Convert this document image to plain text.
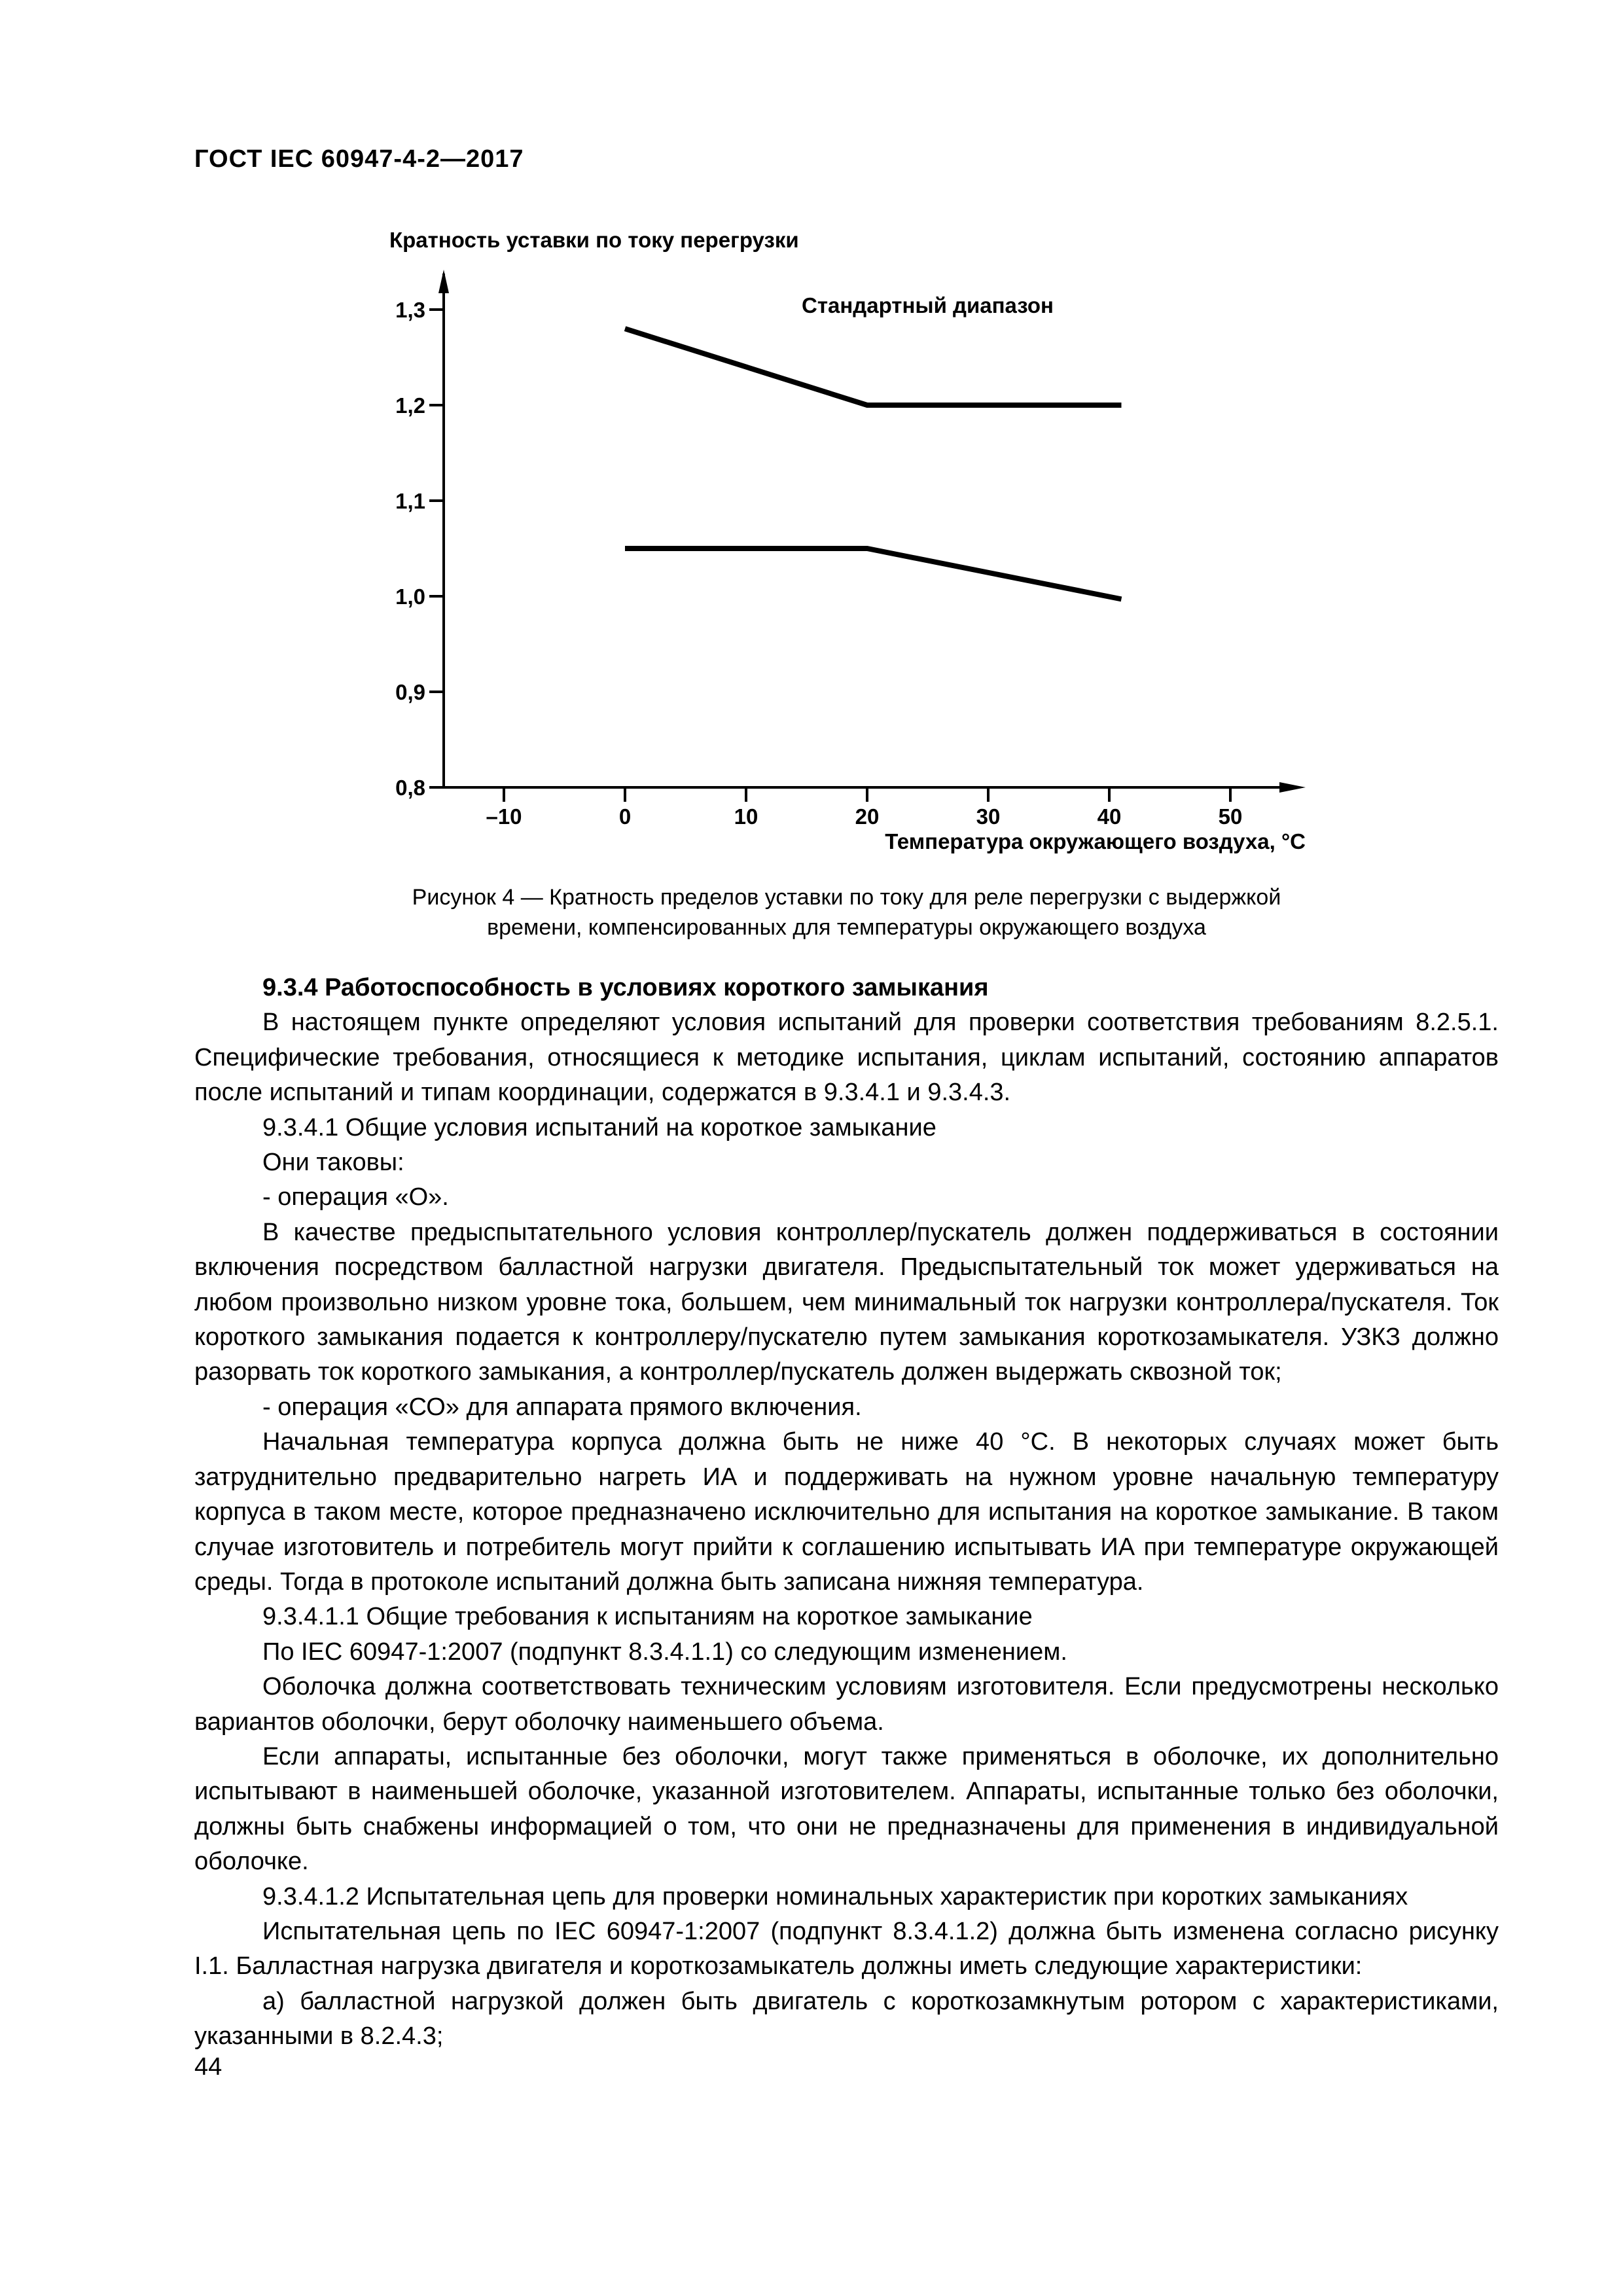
ГОСТ IEC 60947-4-2—2017
Кратность уставки по току перегрузки
Температура окружающего воздуха, °С
Стандартный диапазон
0,8
0,9
1,0
1,1
1,2
1,3
–10	0	10	20	30	40	50
Рисунок 4 — Кратность пределов уставки по току для реле перегрузки с выдержкой
времени, компенсированных для температуры окружающего воздуха

9.3.4 Работоспособность в условиях короткого замыкания

В настоящем пункте определяют условия испытаний для проверки соответствия требованиям 8.2.5.1. Специфические требования, относящиеся к методике испытания, циклам испытаний, состоянию аппаратов после испытаний и типам координации, содержатся в 9.3.4.1 и 9.3.4.3.

9.3.4.1 Общие условия испытаний на короткое замыкание

Они таковы:

- операция «О».

В качестве предыспытательного условия контроллер/пускатель должен поддерживаться в состоянии включения посредством балластной нагрузки двигателя. Предыспытательный ток может удерживаться на любом произвольно низком уровне тока, большем, чем минимальный ток нагрузки контроллера/пускателя. Ток короткого замыкания подается к контроллеру/пускателю путем замыкания короткозамыкателя. УЗКЗ должно разорвать ток короткого замыкания, а контроллер/пускатель должен выдержать сквозной ток;

- операция «СО» для аппарата прямого включения.

Начальная температура корпуса должна быть не ниже 40 °С. В некоторых случаях может быть затруднительно предварительно нагреть ИА и поддерживать на нужном уровне начальную температуру корпуса в таком месте, которое предназначено исключительно для испытания на короткое замыкание. В таком случае изготовитель и потребитель могут прийти к соглашению испытывать ИА при температуре окружающей среды. Тогда в протоколе испытаний должна быть записана нижняя температура.

9.3.4.1.1 Общие требования к испытаниям на короткое замыкание

По IEC 60947-1:2007 (подпункт 8.3.4.1.1) со следующим изменением.

Оболочка должна соответствовать техническим условиям изготовителя. Если предусмотрены несколько вариантов оболочки, берут оболочку наименьшего объема.

Если аппараты, испытанные без оболочки, могут также применяться в оболочке, их дополнительно испытывают в наименьшей оболочке, указанной изготовителем. Аппараты, испытанные только без оболочки, должны быть снабжены информацией о том, что они не предназначены для применения в индивидуальной оболочке.

9.3.4.1.2 Испытательная цепь для проверки номинальных характеристик при коротких замыканиях

Испытательная цепь по IEC 60947-1:2007 (подпункт 8.3.4.1.2) должна быть изменена согласно рисунку I.1. Балластная нагрузка двигателя и короткозамыкатель должны иметь следующие характеристики:

а) балластной нагрузкой должен быть двигатель с короткозамкнутым ротором с характеристиками, указанными в 8.2.4.3;

44
